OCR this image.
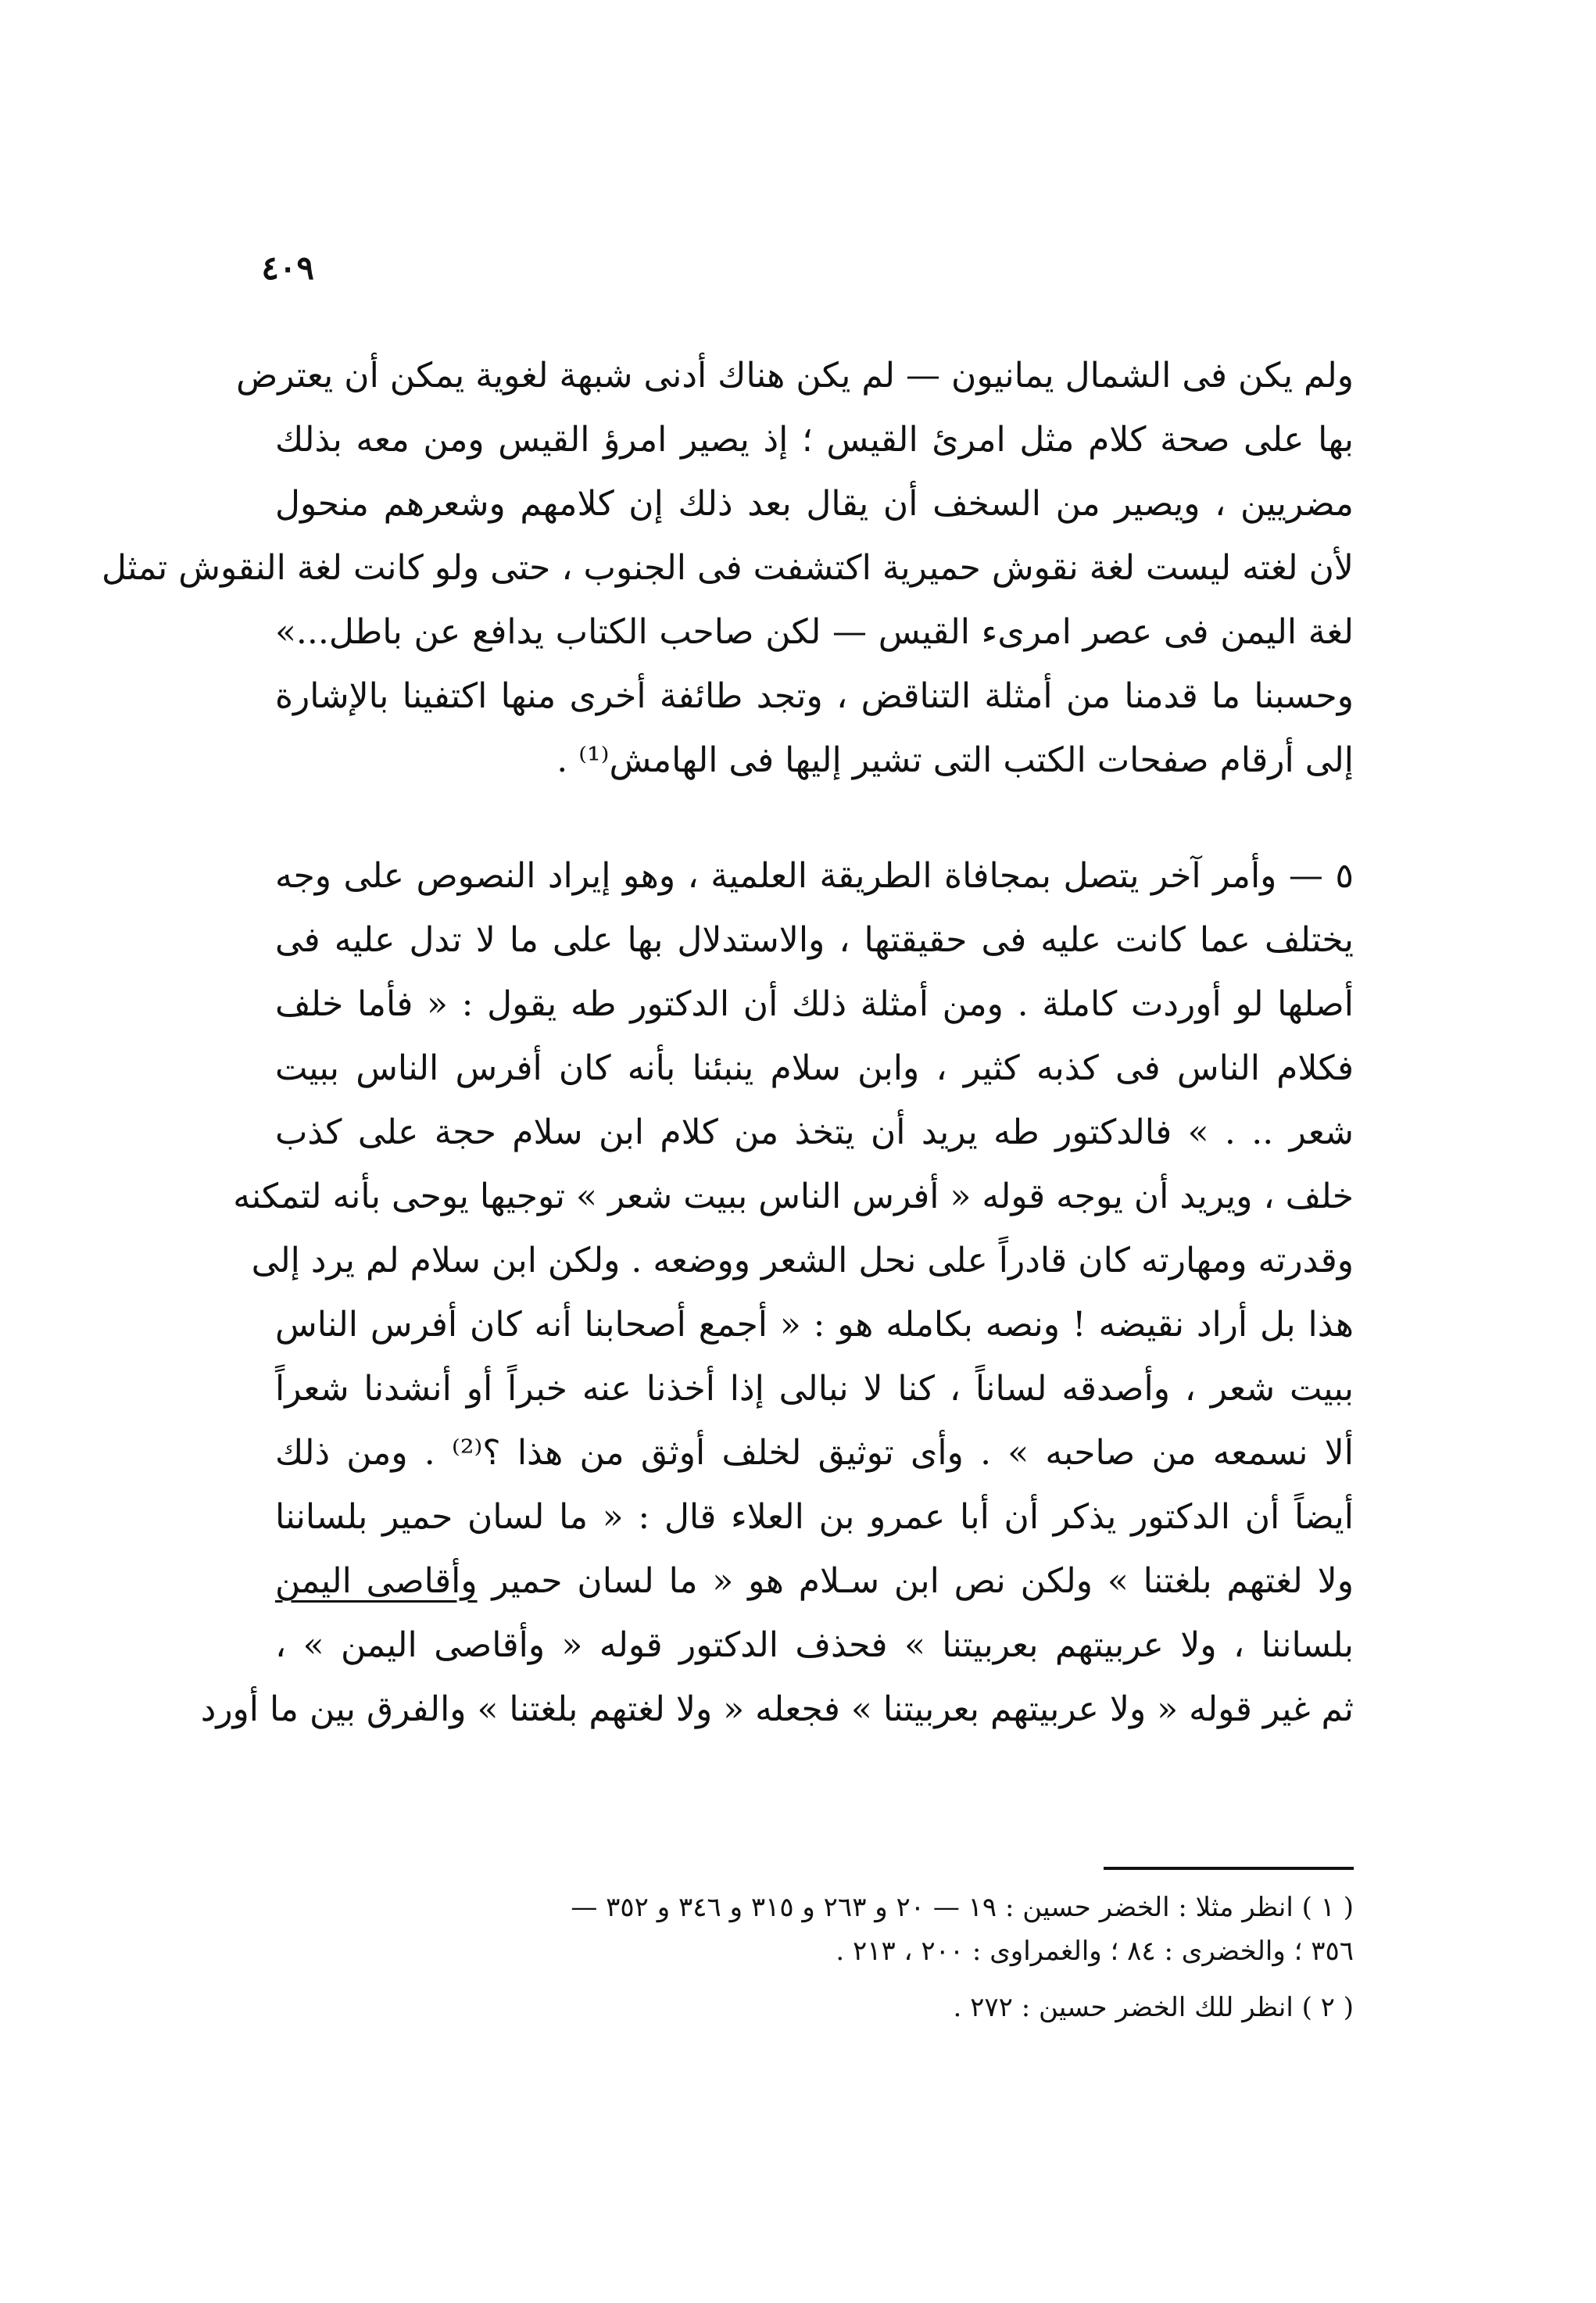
٤٠٩
ولم يكن فى الشمال يمانيون — لم يكن هناك أدنى شبهة لغوية يمكن أن يعترض
بها على صحة كلام مثل امرئ القيس ؛ إذ يصير امرؤ القيس ومن معه بذلك
مضريين ، ويصير من السخف أن يقال بعد ذلك إن كلامهم وشعرهم منحول
لأن لغته ليست لغة نقوش حميرية اكتشفت فى الجنوب ، حتى ولو كانت لغة النقوش تمثل
لغة اليمن فى عصر امرىء القيس — لكن صاحب الكتاب يدافع عن باطل...»
وحسبنا ما قدمنا من أمثلة التناقض ، وتجد طائفة أخرى منها اكتفينا بالإشارة
إلى أرقام صفحات الكتب التى تشير إليها فى الهامش⁽¹⁾ .
٥ — وأمر آخر يتصل بمجافاة الطريقة العلمية ، وهو إيراد النصوص على وجه
يختلف عما كانت عليه فى حقيقتها ، والاستدلال بها على ما لا تدل عليه فى
أصلها لو أوردت كاملة . ومن أمثلة ذلك أن الدكتور طه يقول : « فأما خلف
فكلام الناس فى كذبه كثير ، وابن سلام ينبئنا بأنه كان أفرس الناس ببيت
شعر .. . » فالدكتور طه يريد أن يتخذ من كلام ابن سلام حجة على كذب
خلف ، ويريد أن يوجه قوله « أفرس الناس ببيت شعر » توجيها يوحى بأنه لتمكنه
وقدرته ومهارته كان قادراً على نحل الشعر ووضعه . ولكن ابن سلام لم يرد إلى
هذا بل أراد نقيضه ! ونصه بكامله هو : « أجمع أصحابنا أنه كان أفرس الناس
ببيت شعر ، وأصدقه لساناً ، كنا لا نبالى إذا أخذنا عنه خبراً أو أنشدنا شعراً
ألا نسمعه من صاحبه » . وأى توثيق لخلف أوثق من هذا ؟⁽²⁾ . ومن ذلك
أيضاً أن الدكتور يذكر أن أبا عمرو بن العلاء قال : « ما لسان حمير بلساننا
ولا لغتهم بلغتنا » ولكن نص ابن سـلام هو « ما لسان حمير وأقاصى اليمن
بلساننا ، ولا عربيتهم بعربيتنا » فحذف الدكتور قوله « وأقاصى اليمن » ،
ثم غير قوله « ولا عربيتهم بعربيتنا » فجعله « ولا لغتهم بلغتنا » والفرق بين ما أورد
( ١ ) انظر مثلا : الخضر حسين : ١٩ — ٢٠ و ٢٦٣ و ٣١٥ و ٣٤٦ و ٣٥٢ —
٣٥٦ ؛ والخضرى : ٨٤ ؛ والغمراوى : ٢٠٠ ، ٢١٣ .
( ٢ ) انظر للك الخضر حسين : ٢٧٢ .
